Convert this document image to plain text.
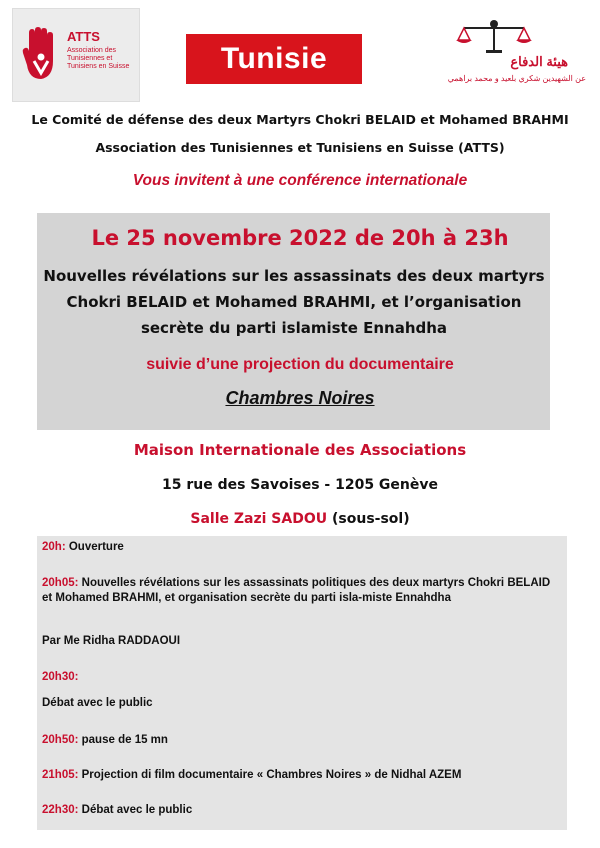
ATTS
Association des Tunisiennes et Tunisiens en Suisse	Tunisie	هيئة الدفاع
عن الشهيدين شكري بلعيد و محمد براهمي
Le Comité de défense des deux Martyrs Chokri BELAID et Mohamed BRAHMI
Association des Tunisiennes et Tunisiens en Suisse (ATTS)
Vous invitent à une conférence internationale
Le 25 novembre 2022 de 20h à 23h
Nouvelles révélations sur les assassinats des deux martyrs Chokri BELAID et Mohamed BRAHMI, et l’organisation secrète du parti islamiste Ennahdha
suivie d’une projection du documentaire
Chambres Noires
Maison Internationale des Associations
15 rue des Savoises - 1205 Genève
Salle Zazi SADOU (sous-sol)
20h: Ouverture
20h05: Nouvelles révélations sur les assassinats politiques des deux martyrs Chokri BELAID et Mohamed BRAHMI, et organisation secrète du parti isla-miste Ennahdha
Par Me Ridha RADDAOUI
20h30:
Débat avec le public
20h50: pause de 15 mn
21h05: Projection di film documentaire « Chambres Noires » de Nidhal AZEM
22h30: Débat avec le public
